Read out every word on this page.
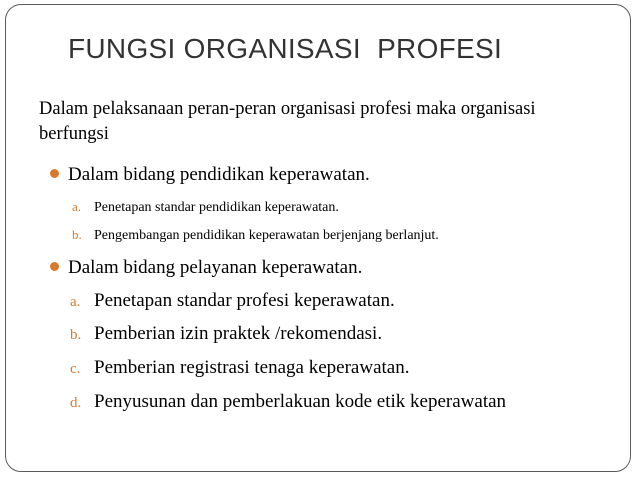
FUNGSI ORGANISASI  PROFESI

Dalam pelaksanaan peran-peran organisasi profesi maka organisasi berfungsi

Dalam bidang pendidikan keperawatan.
a. Penetapan standar pendidikan keperawatan.
b. Pengembangan pendidikan keperawatan berjenjang berlanjut.
Dalam bidang pelayanan keperawatan.
a. Penetapan standar profesi keperawatan.
b. Pemberian izin praktek /rekomendasi.
c. Pemberian registrasi tenaga keperawatan.
d. Penyusunan dan pemberlakuan kode etik keperawatan
